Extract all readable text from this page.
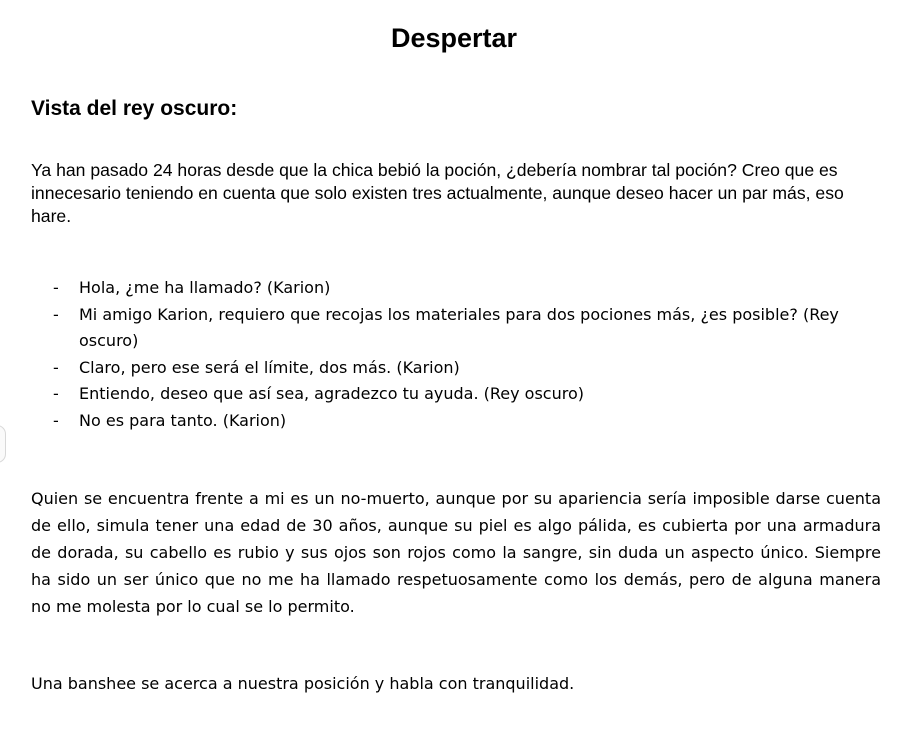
Despertar
Vista del rey oscuro:

Ya han pasado 24 horas desde que la chica bebió la poción, ¿debería nombrar tal poción? Creo que es innecesario teniendo en cuenta que solo existen tres actualmente, aunque deseo hacer un par más, eso hare.

- Hola, ¿me ha llamado? (Karion)
- Mi amigo Karion, requiero que recojas los materiales para dos pociones más, ¿es posible? (Rey oscuro)
- Claro, pero ese será el límite, dos más. (Karion)
- Entiendo, deseo que así sea, agradezco tu ayuda. (Rey oscuro)
- No es para tanto. (Karion)

Quien se encuentra frente a mi es un no-muerto, aunque por su apariencia sería imposible darse cuenta de ello, simula tener una edad de 30 años, aunque su piel es algo pálida, es cubierta por una armadura de dorada, su cabello es rubio y sus ojos son rojos como la sangre, sin duda un aspecto único. Siempre ha sido un ser único que no me ha llamado respetuosamente como los demás, pero de alguna manera no me molesta por lo cual se lo permito.

Una banshee se acerca a nuestra posición y habla con tranquilidad.
